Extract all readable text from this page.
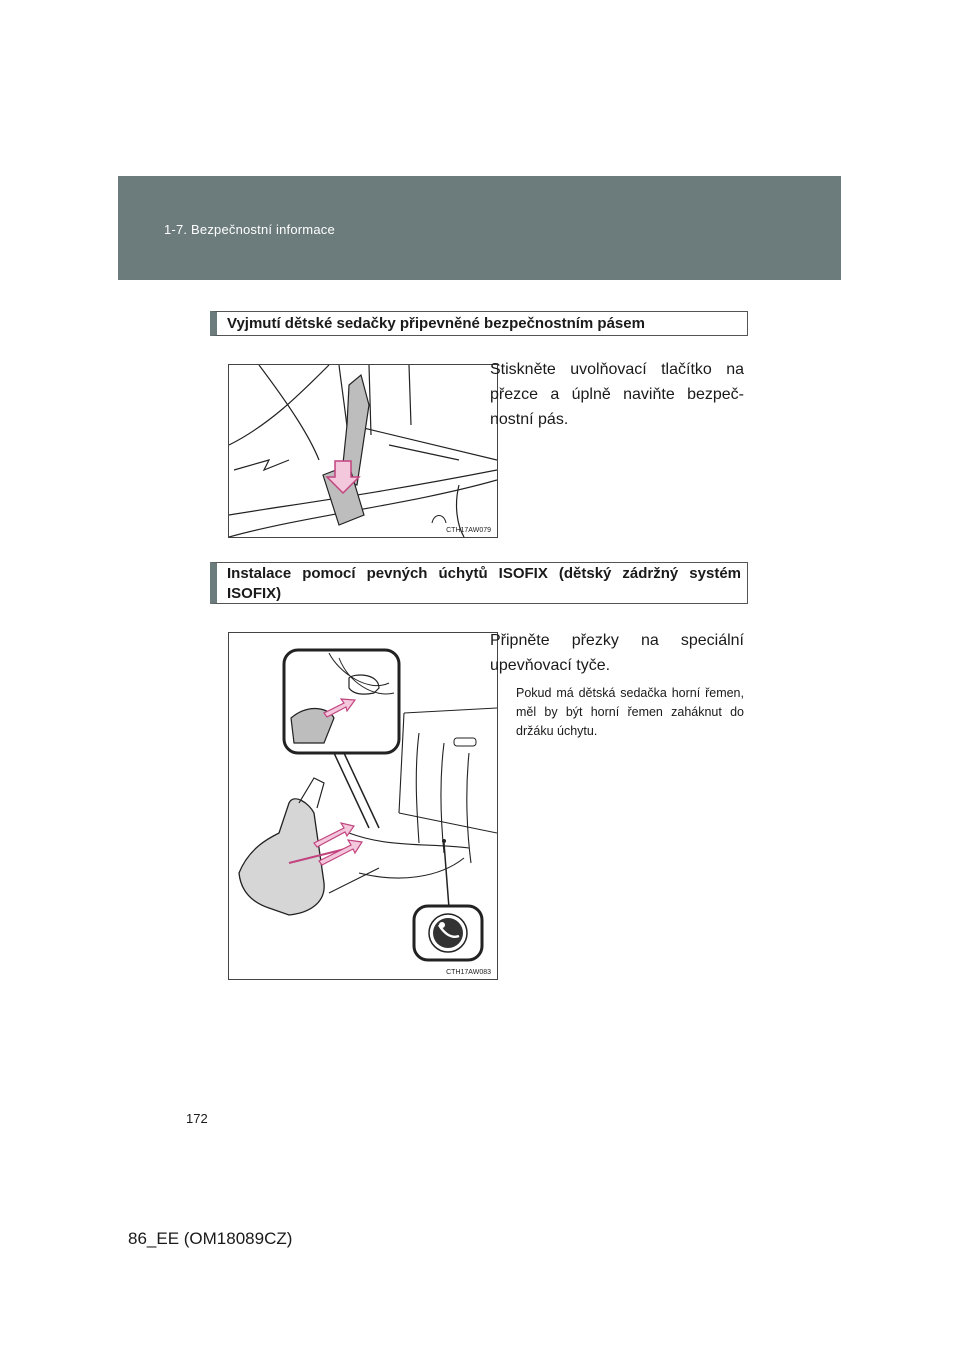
1-7. Bezpečnostní informace
Vyjmutí dětské sedačky připevněné bezpečnostním pásem
CTH17AW079
Stiskněte uvolňovací tlačítko na přezce a úplně naviňte bezpeč- nostní pás.
Instalace pomocí pevných úchytů ISOFIX (dětský zádržný systém ISOFIX)
CTH17AW083
Připněte přezky na speciální upevňovací tyče.
Pokud má dětská sedačka horní řemen, měl by být horní řemen zaháknut do držáku úchytu.
172
86_EE (OM18089CZ)
